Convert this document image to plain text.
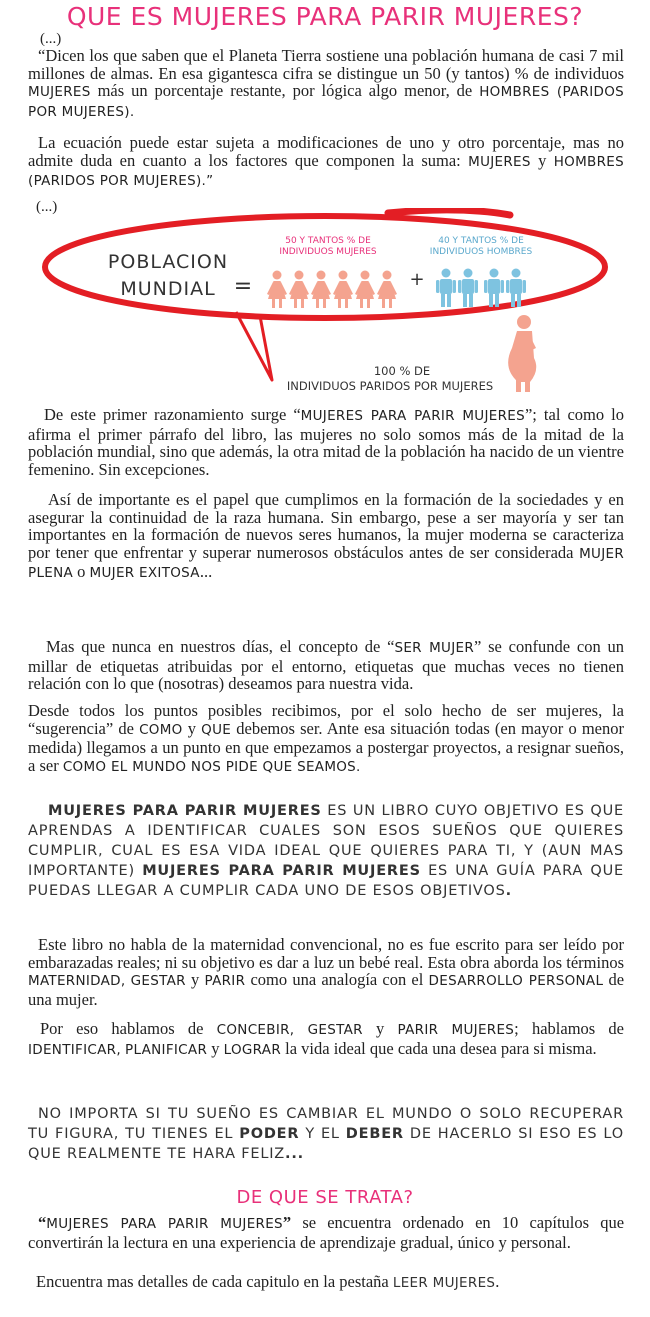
QUE ES MUJERES PARA PARIR MUJERES?
(...)

“Dicen los que saben que el Planeta Tierra sostiene una población humana de casi 7 mil millones de almas. En esa gigantesca cifra se distingue un 50 (y tantos) % de individuos MUJERES más un porcentaje restante, por lógica algo menor, de HOMBRES (PARIDOS POR MUJERES).

La ecuación puede estar sujeta a modificaciones de uno y otro porcentaje, mas no admite duda en cuanto a los factores que componen la suma: MUJERES y HOMBRES (PARIDOS POR MUJERES).”

(...)
POBLACION
MUNDIAL =
50 Y TANTOS % DE
INDIVIDUOS MUJERES
+
40 Y TANTOS % DE
INDIVIDUOS HOMBRES
100 % DE
INDIVIDUOS PARIDOS POR MUJERES

De este primer razonamiento surge “MUJERES PARA PARIR MUJERES”; tal como lo afirma el primer párrafo del libro, las mujeres no solo somos más de la mitad de la población mundial, sino que además, la otra mitad de la población ha nacido de un vientre femenino. Sin excepciones.

Así de importante es el papel que cumplimos en la formación de la sociedades y en asegurar la continuidad de la raza humana. Sin embargo, pese a ser mayoría y ser tan importantes en la formación de nuevos seres humanos, la mujer moderna se caracteriza por tener que enfrentar y superar numerosos obstáculos antes de ser considerada MUJER PLENA o MUJER EXITOSA...

Mas que nunca en nuestros días, el concepto de “SER MUJER” se confunde con un millar de etiquetas atribuidas por el entorno, etiquetas que muchas veces no tienen relación con lo que (nosotras) deseamos para nuestra vida.

Desde todos los puntos posibles recibimos, por el solo hecho de ser mujeres, la “sugerencia” de COMO y QUE debemos ser. Ante esa situación todas (en mayor o menor medida) llegamos a un punto en que empezamos a postergar proyectos, a resignar sueños, a ser COMO EL MUNDO NOS PIDE QUE SEAMOS.

MUJERES PARA PARIR MUJERES ES UN LIBRO CUYO OBJETIVO ES QUE APRENDAS A IDENTIFICAR CUALES SON ESOS SUEÑOS QUE QUIERES CUMPLIR, CUAL ES ESA VIDA IDEAL QUE QUIERES PARA TI, Y (AUN MAS IMPORTANTE) MUJERES PARA PARIR MUJERES ES UNA GUÍA PARA QUE PUEDAS LLEGAR A CUMPLIR CADA UNO DE ESOS OBJETIVOS.

Este libro no habla de la maternidad convencional, no es fue escrito para ser leído por embarazadas reales; ni su objetivo es dar a luz un bebé real. Esta obra aborda los términos MATERNIDAD, GESTAR y PARIR como una analogía con el DESARROLLO PERSONAL de una mujer.

Por eso hablamos de CONCEBIR, GESTAR y PARIR MUJERES; hablamos de IDENTIFICAR, PLANIFICAR y LOGRAR la vida ideal que cada una desea para si misma.

NO IMPORTA SI TU SUEÑO ES CAMBIAR EL MUNDO O SOLO RECUPERAR TU FIGURA, TU TIENES EL PODER Y EL DEBER DE HACERLO SI ESO ES LO QUE REALMENTE TE HARA FELIZ...
DE QUE SE TRATA?

“MUJERES PARA PARIR MUJERES” se encuentra ordenado en 10 capítulos que convertirán la lectura en una experiencia de aprendizaje gradual, único y personal.

Encuentra mas detalles de cada capitulo en la pestaña LEER MUJERES.
